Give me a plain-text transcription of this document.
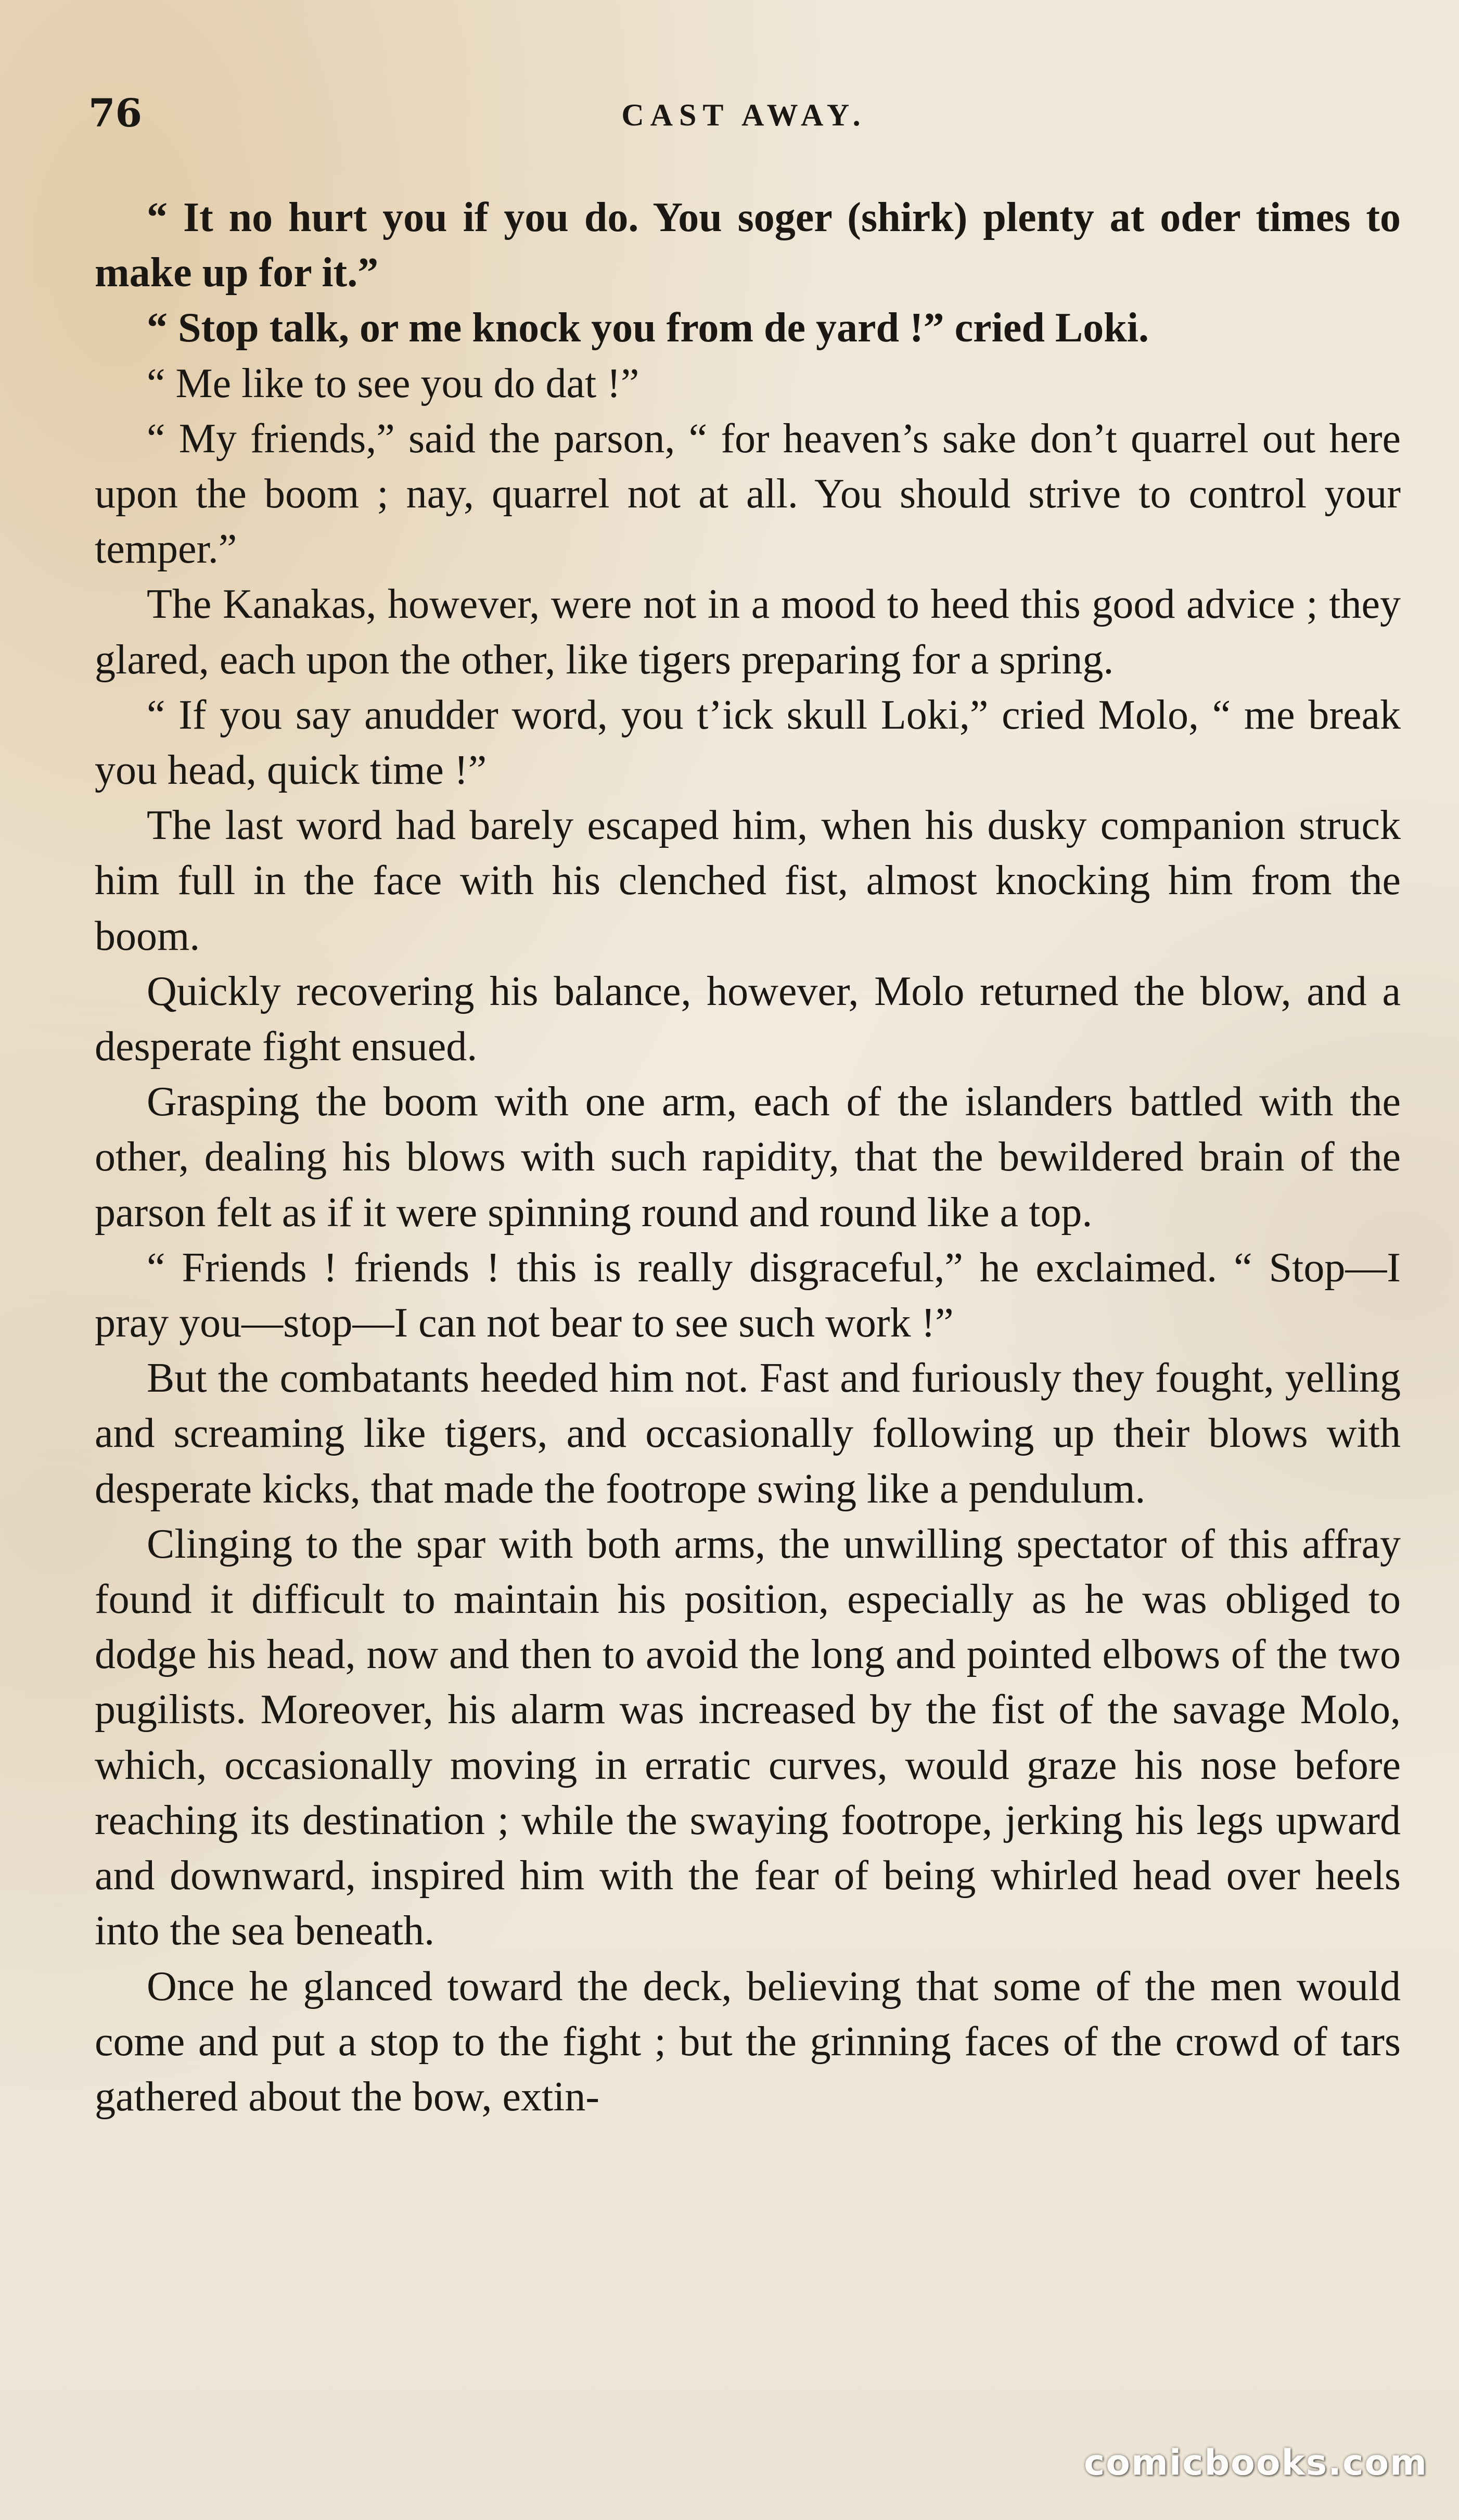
76	CAST AWAY.

“ It no hurt you if you do. You soger (shirk) plenty at oder times to make up for it.”

“ Stop talk, or me knock you from de yard !” cried Loki.

“ Me like to see you do dat !”

“ My friends,” said the parson, “ for heaven’s sake don’t quarrel out here upon the boom ; nay, quarrel not at all. You should strive to control your temper.”

The Kanakas, however, were not in a mood to heed this good advice ; they glared, each upon the other, like tigers preparing for a spring.

“ If you say anudder word, you t’ick skull Loki,” cried Molo, “ me break you head, quick time !”

The last word had barely escaped him, when his dusky companion struck him full in the face with his clenched fist, almost knocking him from the boom.

Quickly recovering his balance, however, Molo returned the blow, and a desperate fight ensued.

Grasping the boom with one arm, each of the islanders battled with the other, dealing his blows with such rapidity, that the bewildered brain of the parson felt as if it were spinning round and round like a top.

“ Friends ! friends ! this is really disgraceful,” he exclaimed. “ Stop—I pray you—stop—I can not bear to see such work !”

But the combatants heeded him not. Fast and furiously they fought, yelling and screaming like tigers, and occasionally following up their blows with desperate kicks, that made the footrope swing like a pendulum.

Clinging to the spar with both arms, the unwilling spectator of this affray found it difficult to maintain his position, especially as he was obliged to dodge his head, now and then to avoid the long and pointed elbows of the two pugilists. Moreover, his alarm was increased by the fist of the savage Molo, which, occasionally moving in erratic curves, would graze his nose before reaching its destination ; while the swaying footrope, jerking his legs upward and downward, inspired him with the fear of being whirled head over heels into the sea beneath.

Once he glanced toward the deck, believing that some of the men would come and put a stop to the fight ; but the grinning faces of the crowd of tars gathered about the bow, extin-

comicbooks.com
